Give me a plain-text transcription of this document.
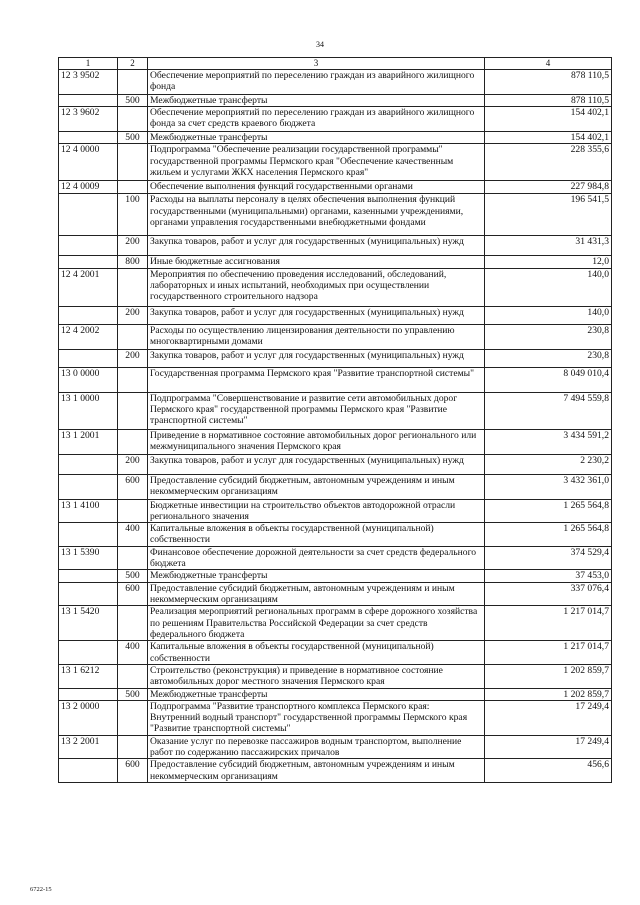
34
1	2	3	4
12 3 9502		Обеспечение мероприятий по переселению граждан из аварийного жилищного фонда	878 110,5
	500	Межбюджетные трансферты	878 110,5
12 3 9602		Обеспечение мероприятий по переселению граждан из аварийного жилищного фонда за счет средств краевого бюджета	154 402,1
	500	Межбюджетные трансферты	154 402,1
12 4 0000		Подпрограмма "Обеспечение реализации государственной программы" государственной программы Пермского края "Обеспечение качественным жильем и услугами ЖКХ населения Пермского края"	228 355,6
12 4 0009		Обеспечение выполнения функций государственными органами	227 984,8
	100	Расходы на выплаты персоналу в целях обеспечения выполнения функций государственными (муниципальными) органами, казенными учреждениями, органами управления государственными внебюджетными фондами	196 541,5
	200	Закупка товаров, работ и услуг для государственных (муниципальных) нужд	31 431,3
	800	Иные бюджетные ассигнования	12,0
12 4 2001		Мероприятия по обеспечению проведения исследований, обследований, лабораторных и иных испытаний, необходимых при осуществлении государственного строительного надзора	140,0
	200	Закупка товаров, работ и услуг для государственных (муниципальных) нужд	140,0
12 4 2002		Расходы по осуществлению лицензирования деятельности по управлению многоквартирными домами	230,8
	200	Закупка товаров, работ и услуг для государственных (муниципальных) нужд	230,8
13 0 0000		Государственная программа Пермского края "Развитие транспортной системы"	8 049 010,4
13 1 0000		Подпрограмма "Совершенствование и развитие сети автомобильных дорог Пермского края" государственной программы Пермского края "Развитие транспортной системы"	7 494 559,8
13 1 2001		Приведение в нормативное состояние автомобильных дорог регионального или межмуниципального значения Пермского края	3 434 591,2
	200	Закупка товаров, работ и услуг для государственных (муниципальных) нужд	2 230,2
	600	Предоставление субсидий бюджетным, автономным учреждениям и иным некоммерческим организациям	3 432 361,0
13 1 4100		Бюджетные инвестиции на строительство объектов автодорожной отрасли регионального значения	1 265 564,8
	400	Капитальные вложения в объекты государственной (муниципальной) собственности	1 265 564,8
13 1 5390		Финансовое обеспечение дорожной деятельности за счет средств федерального бюджета	374 529,4
	500	Межбюджетные трансферты	37 453,0
	600	Предоставление субсидий бюджетным, автономным учреждениям и иным некоммерческим организациям	337 076,4
13 1 5420		Реализация мероприятий региональных программ в сфере дорожного хозяйства по решениям Правительства Российской Федерации за счет средств федерального бюджета	1 217 014,7
	400	Капитальные вложения в объекты государственной (муниципальной) собственности	1 217 014,7
13 1 6212		Строительство (реконструкция) и приведение в нормативное состояние автомобильных дорог местного значения Пермского края	1 202 859,7
	500	Межбюджетные трансферты	1 202 859,7
13 2 0000		Подпрограмма "Развитие транспортного комплекса Пермского края: Внутренний водный транспорт" государственной программы Пермского края "Развитие транспортной системы"	17 249,4
13 2 2001		Оказание услуг по перевозке пассажиров водным транспортом, выполнение работ по содержанию пассажирских причалов	17 249,4
	600	Предоставление субсидий бюджетным, автономным учреждениям и иным некоммерческим организациям	456,6
6722-15
